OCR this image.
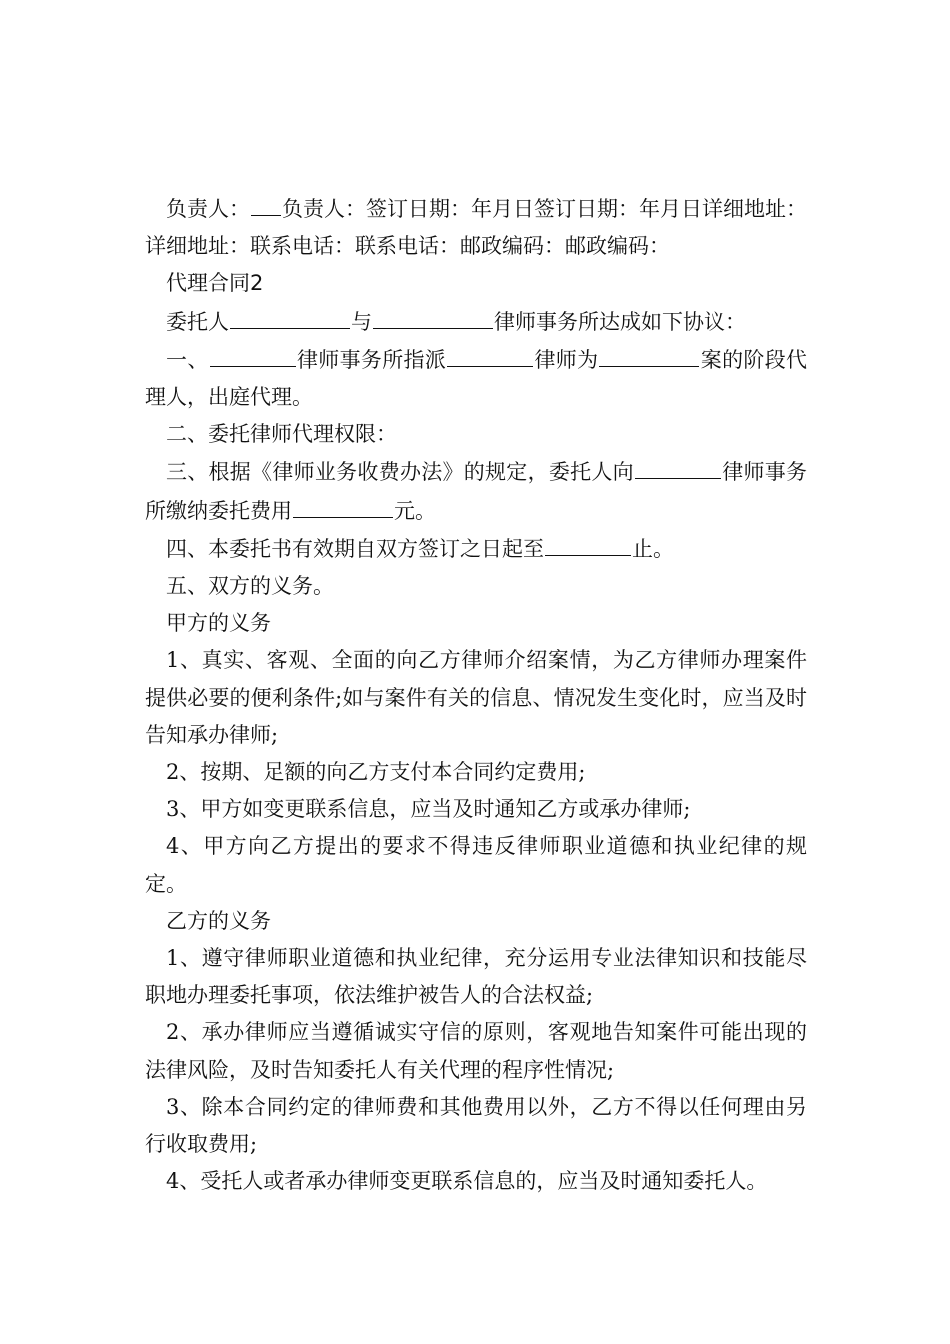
负责人： 负责人：签订日期：年月日签订日期：年月日详细地址：详细地址：联系电话：联系电话：邮政编码：邮政编码：

代理合同2

委托人	与	律师事务所达成如下协议：

一、	律师事务所指派	律师为	案的阶段代理人，出庭代理。

二、委托律师代理权限：

三、根据《律师业务收费办法》的规定，委托人向	律师事务所缴纳委托费用	元。

四、本委托书有效期自双方签订之日起至	止。

五、双方的义务。

甲方的义务

1、真实、客观、全面的向乙方律师介绍案情，为乙方律师办理案件提供必要的便利条件;如与案件有关的信息、情况发生变化时，应当及时告知承办律师;

2、按期、足额的向乙方支付本合同约定费用;

3、甲方如变更联系信息，应当及时通知乙方或承办律师;

4、甲方向乙方提出的要求不得违反律师职业道德和执业纪律的规定。

乙方的义务

1、遵守律师职业道德和执业纪律，充分运用专业法律知识和技能尽职地办理委托事项，依法维护被告人的合法权益;

2、承办律师应当遵循诚实守信的原则，客观地告知案件可能出现的法律风险，及时告知委托人有关代理的程序性情况;

3、除本合同约定的律师费和其他费用以外，乙方不得以任何理由另行收取费用;

4、受托人或者承办律师变更联系信息的，应当及时通知委托人。
